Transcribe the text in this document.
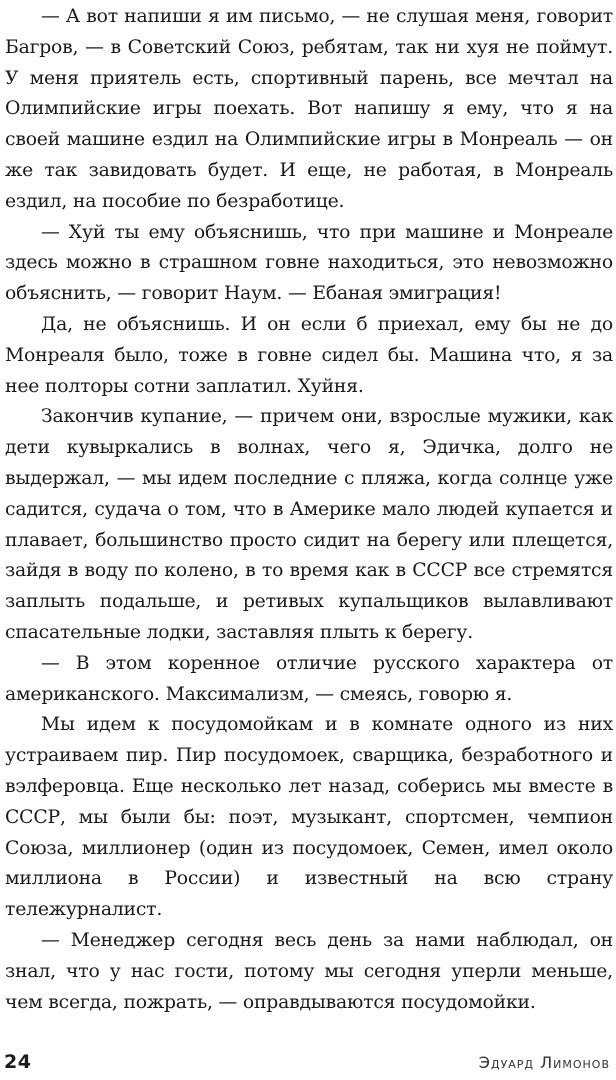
— А вот напиши я им письмо, — не слушая меня, говорит Багров, — в Советский Союз, ребятам, так ни хуя не поймут. У меня приятель есть, спортивный парень, все мечтал на Олимпийские игры поехать. Вот напишу я ему, что я на своей машине ездил на Олимпийские игры в Монреаль — он же так завидовать будет. И еще, не работая, в Монреаль ездил, на пособие по безработице.

— Хуй ты ему объяснишь, что при машине и Монреале здесь можно в страшном говне находиться, это невозможно объяснить, — говорит Наум. — Ебаная эмиграция!

Да, не объяснишь. И он если б приехал, ему бы не до Монреаля было, тоже в говне сидел бы. Машина что, я за нее полторы сотни заплатил. Хуйня.

Закончив купание, — причем они, взрослые мужики, как дети кувыркались в волнах, чего я, Эдичка, долго не выдержал, — мы идем последние с пляжа, когда солнце уже садится, судача о том, что в Америке мало людей купается и плавает, большинство просто сидит на берегу или плещется, зайдя в воду по колено, в то время как в СССР все стремятся заплыть подальше, и ретивых купальщиков вылавливают спасательные лодки, заставляя плыть к берегу.

— В этом коренное отличие русского характера от американского. Максимализм, — смеясь, говорю я.

Мы идем к посудомойкам и в комнате одного из них устраиваем пир. Пир посудомоек, сварщика, безработного и вэлферовца. Еще несколько лет назад, соберись мы вместе в СССР, мы были бы: поэт, музыкант, спортсмен, чемпион Союза, миллионер (один из посудомоек, Семен, имел около миллиона в России) и известный на всю страну тележурналист.

— Менеджер сегодня весь день за нами наблюдал, он знал, что у нас гости, потому мы сегодня уперли меньше, чем всегда, пожрать, — оправдываются посудомойки.

24	Эдуард Лимонов
